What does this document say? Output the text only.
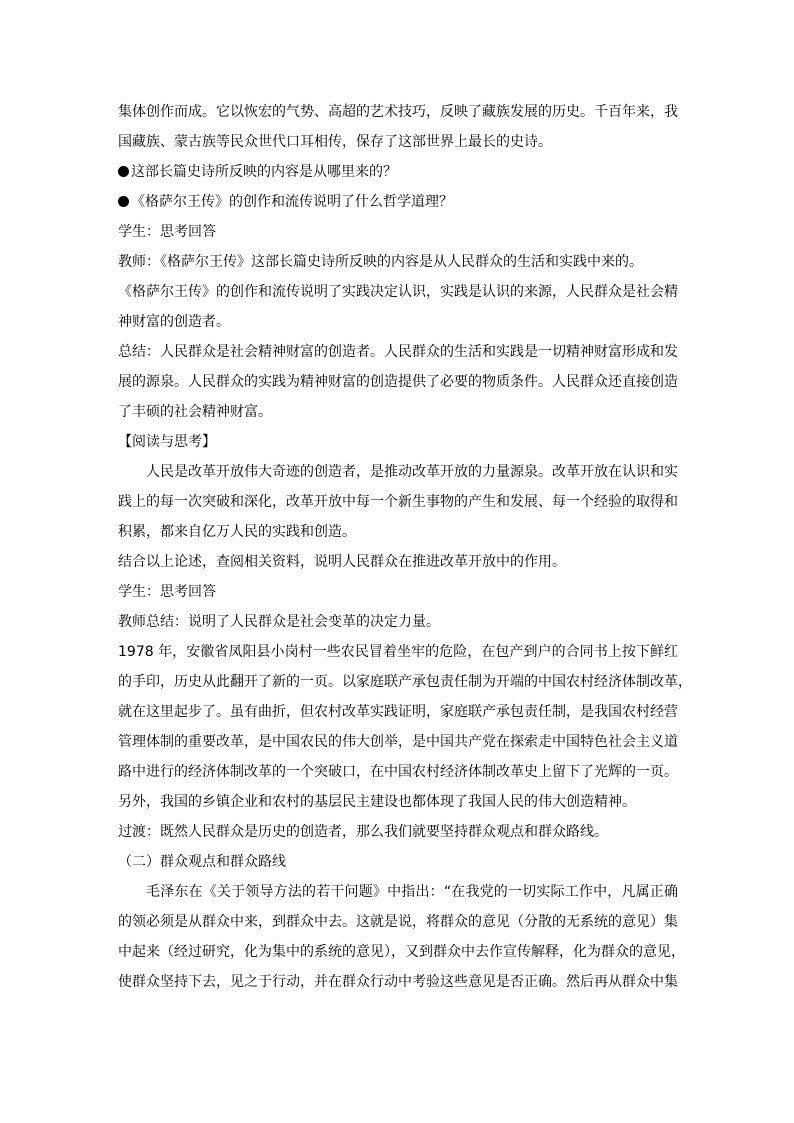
集体创作而成。它以恢宏的气势、高超的艺术技巧，反映了藏族发展的历史。千百年来，我
国藏族、蒙古族等民众世代口耳相传，保存了这部世界上最长的史诗。
这部长篇史诗所反映的内容是从哪里来的？
《格萨尔王传》的创作和流传说明了什么哲学道理？
学生：思考回答
教师：《格萨尔王传》这部长篇史诗所反映的内容是从人民群众的生活和实践中来的。
《格萨尔王传》的创作和流传说明了实践决定认识，实践是认识的来源，人民群众是社会精
神财富的创造者。
总结：人民群众是社会精神财富的创造者。人民群众的生活和实践是一切精神财富形成和发
展的源泉。人民群众的实践为精神财富的创造提供了必要的物质条件。人民群众还直接创造
了丰硕的社会精神财富。
【阅读与思考】
人民是改革开放伟大奇迹的创造者，是推动改革开放的力量源泉。改革开放在认识和实
践上的每一次突破和深化，改革开放中每一个新生事物的产生和发展、每一个经验的取得和
积累，都来自亿万人民的实践和创造。
结合以上论述，查阅相关资料，说明人民群众在推进改革开放中的作用。
学生：思考回答
教师总结：说明了人民群众是社会变革的决定力量。
1978 年，安徽省凤阳县小岗村一些农民冒着坐牢的危险，在包产到户的合同书上按下鲜红
的手印，历史从此翻开了新的一页。以家庭联产承包责任制为开端的中国农村经济体制改革，
就在这里起步了。虽有曲折，但农村改革实践证明，家庭联产承包责任制，是我国农村经营
管理体制的重要改革，是中国农民的伟大创举，是中国共产党在探索走中国特色社会主义道
路中进行的经济体制改革的一个突破口，在中国农村经济体制改革史上留下了光辉的一页。
另外，我国的乡镇企业和农村的基层民主建设也都体现了我国人民的伟大创造精神。
过渡：既然人民群众是历史的创造者，那么我们就要坚持群众观点和群众路线。
（二）群众观点和群众路线
毛泽东在《关于领导方法的若干问题》中指出：“在我党的一切实际工作中，凡属正确
的领必须是从群众中来，到群众中去。这就是说，将群众的意见（分散的无系统的意见）集
中起来（经过研究，化为集中的系统的意见），又到群众中去作宣传解释，化为群众的意见，
使群众坚持下去，见之于行动，并在群众行动中考验这些意见是否正确。然后再从群众中集
